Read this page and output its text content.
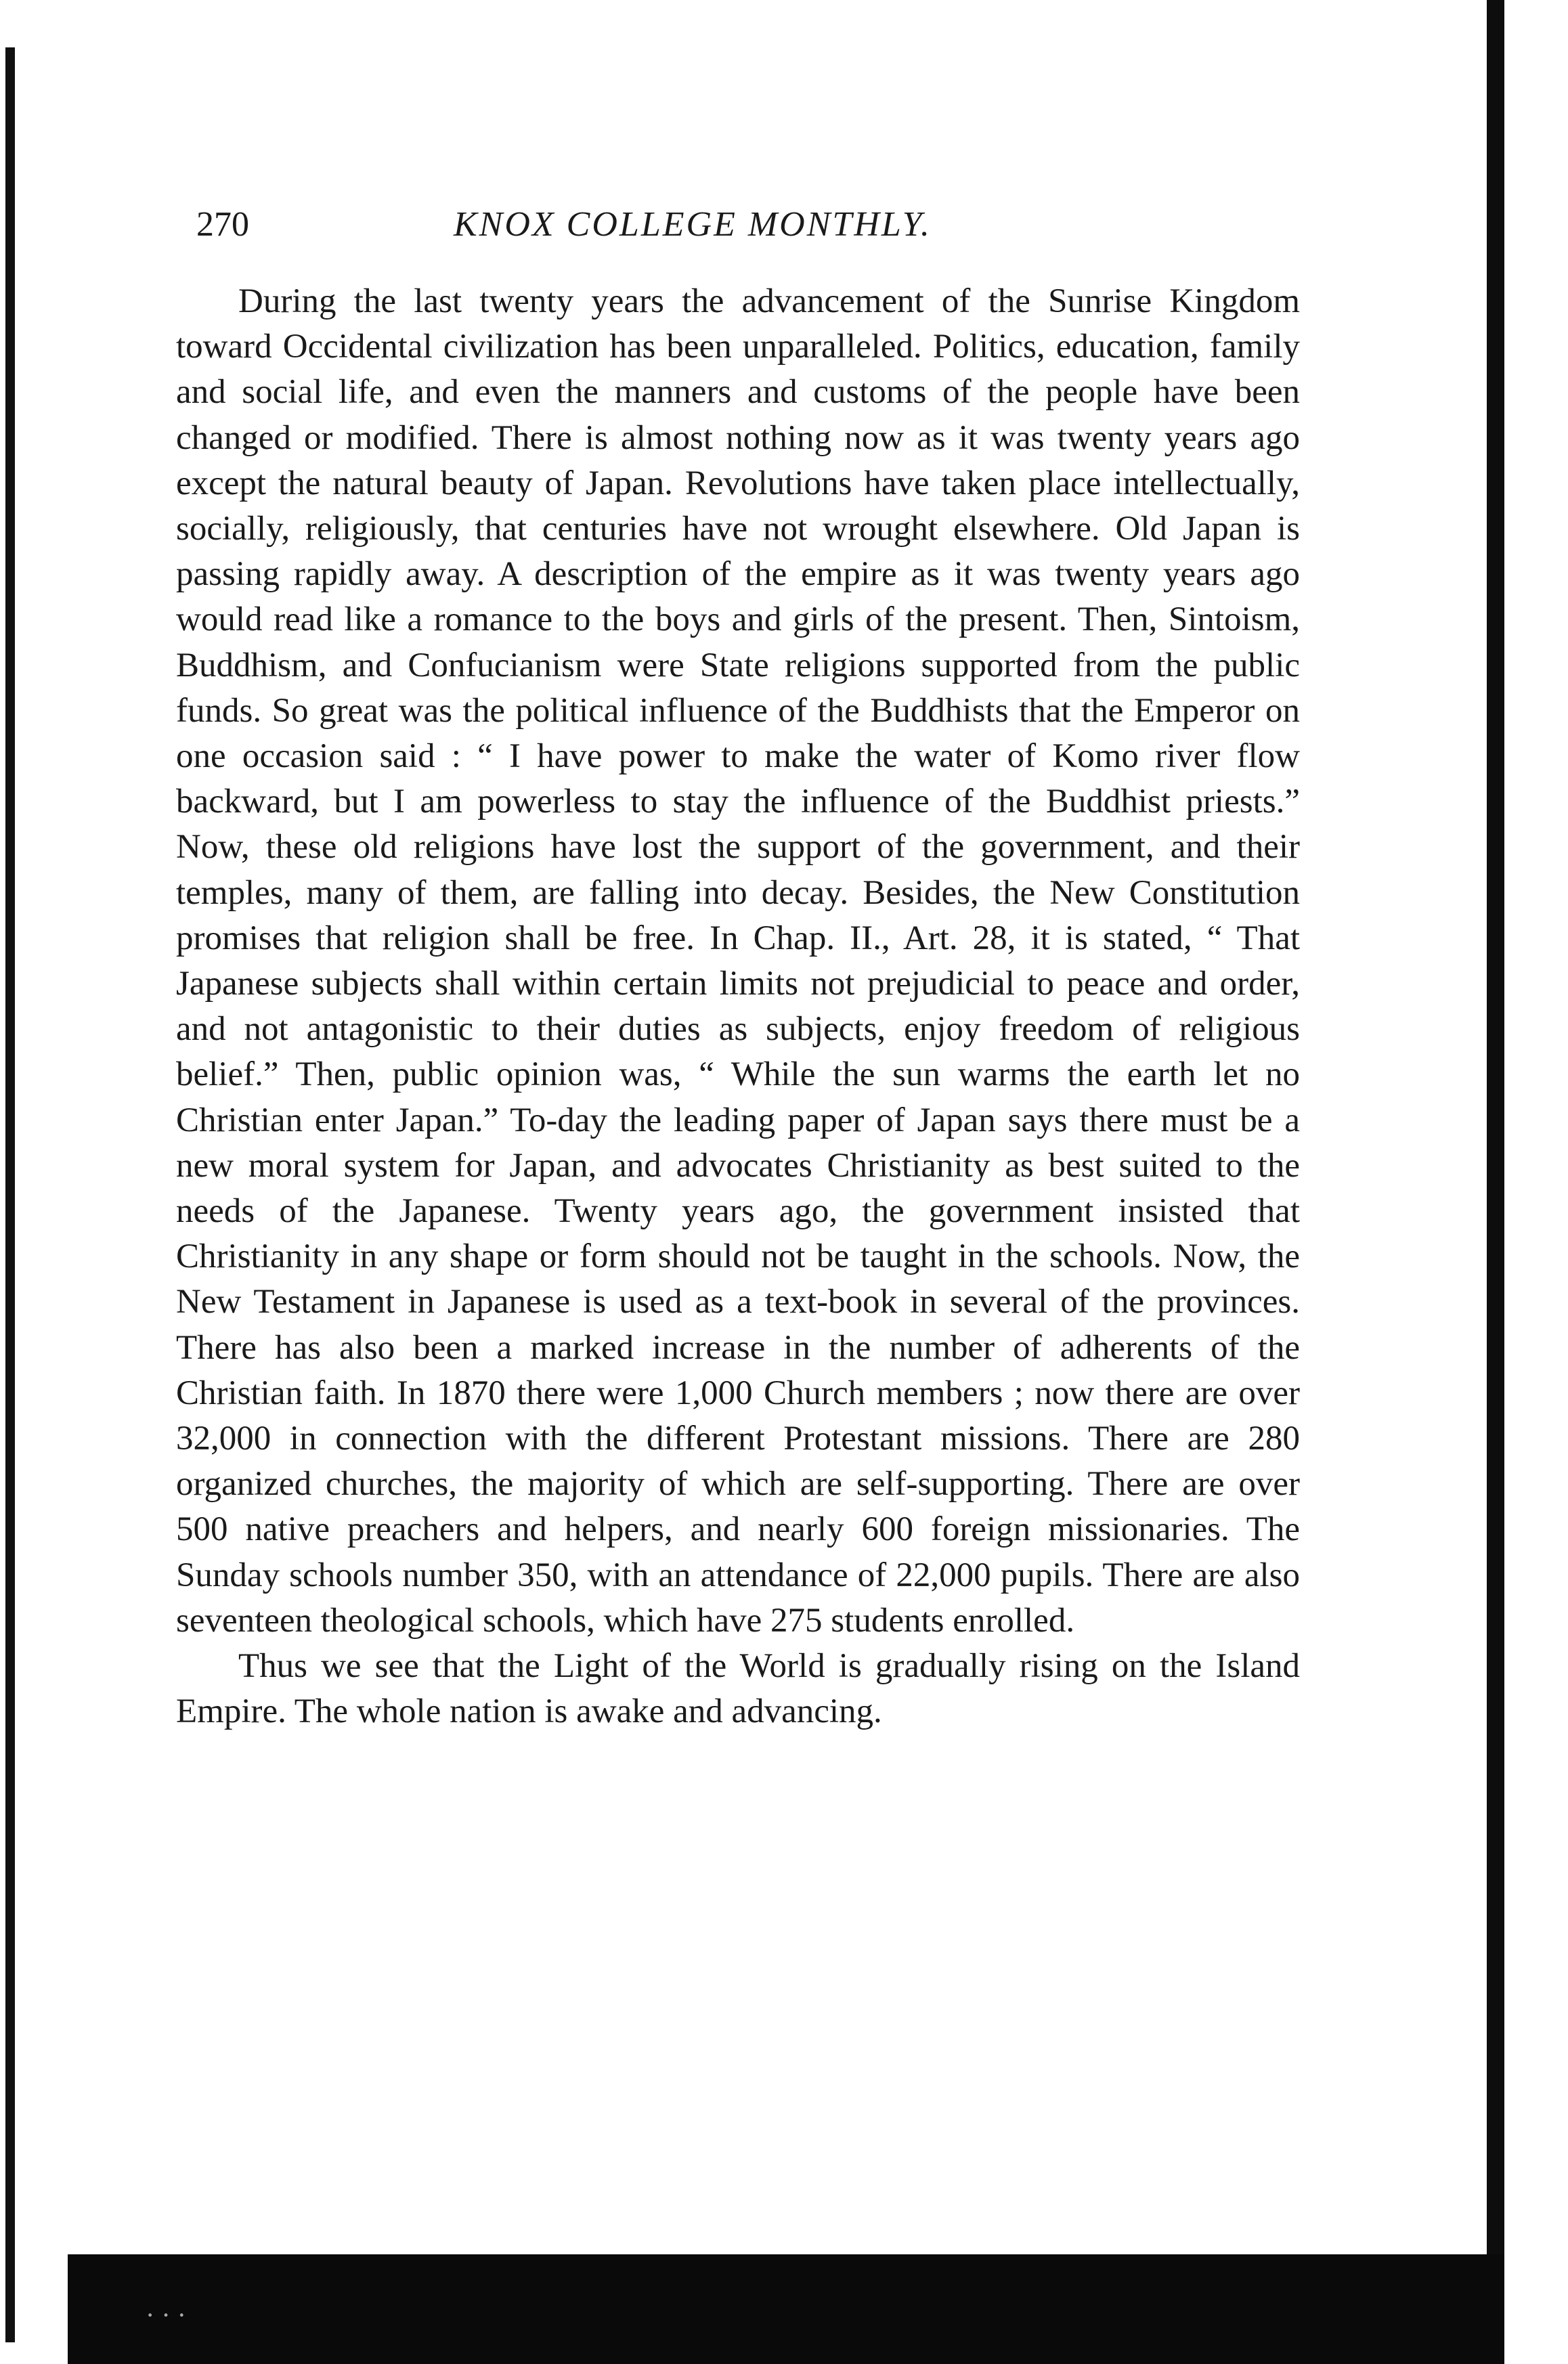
···
270	KNOX COLLEGE MONTHLY.

During the last twenty years the advancement of the Sunrise Kingdom toward Occidental civilization has been unparalleled. Politics, education, family and social life, and even the manners and customs of the people have been changed or modified. There is almost nothing now as it was twenty years ago except the natural beauty of Japan. Revolutions have taken place intellectually, socially, religiously, that centuries have not wrought elsewhere. Old Japan is passing rapidly away. A description of the empire as it was twenty years ago would read like a romance to the boys and girls of the present. Then, Sintoism, Buddhism, and Confucianism were State religions supported from the public funds. So great was the political influence of the Buddhists that the Emperor on one occasion said : “ I have power to make the water of Komo river flow backward, but I am powerless to stay the influence of the Buddhist priests.” Now, these old religions have lost the support of the government, and their temples, many of them, are falling into decay. Besides, the New Constitution promises that religion shall be free. In Chap. II., Art. 28, it is stated, “ That Japanese subjects shall within certain limits not prejudicial to peace and order, and not antagonistic to their duties as subjects, enjoy freedom of religious belief.” Then, public opinion was, “ While the sun warms the earth let no Christian enter Japan.” To-day the leading paper of Japan says there must be a new moral system for Japan, and advocates Christianity as best suited to the needs of the Japanese. Twenty years ago, the government insisted that Christianity in any shape or form should not be taught in the schools. Now, the New Testament in Japanese is used as a text-book in several of the provinces. There has also been a marked increase in the number of adherents of the Christian faith. In 1870 there were 1,000 Church members ; now there are over 32,000 in connection with the different Protestant missions. There are 280 organized churches, the majority of which are self-supporting. There are over 500 native preachers and helpers, and nearly 600 foreign missionaries. The Sunday schools number 350, with an attendance of 22,000 pupils. There are also seventeen theological schools, which have 275 students enrolled.

Thus we see that the Light of the World is gradually rising on the Island Empire. The whole nation is awake and advancing.
